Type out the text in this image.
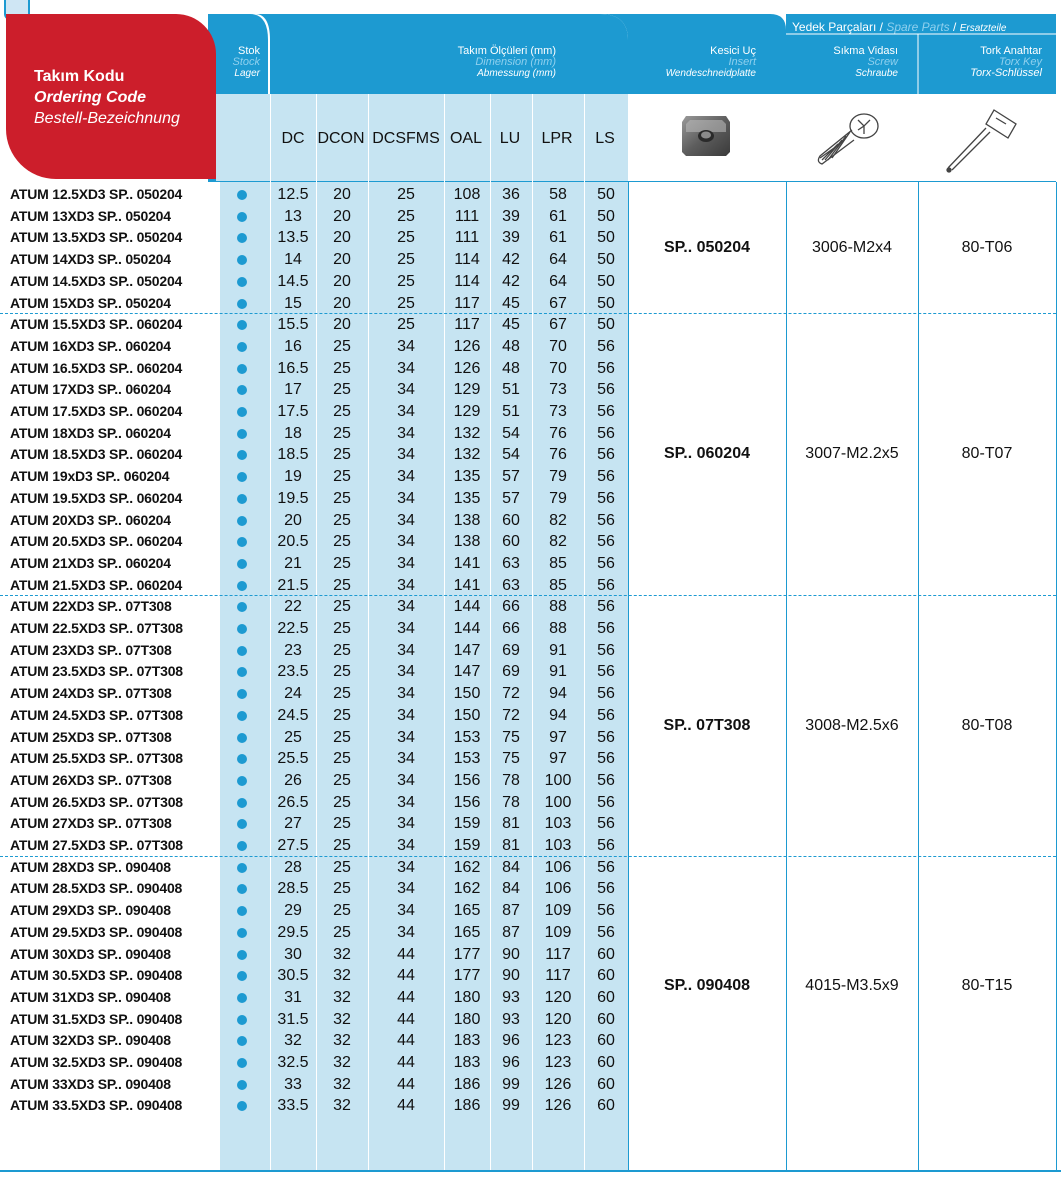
Takım Kodu
Ordering Code
Bestell-Bezeichnung
Stok
Stock
Lager
Takım Ölçüleri (mm)
Dimension (mm)
Abmessung (mm)
Kesici Uç
Insert
Wendeschneidplatte
Yedek Parçaları / Spare Parts / Ersatzteile
Sıkma Vidası
Screw
Schraube
Tork Anahtar
Torx Key
Torx-Schlüssel
DC DCON DCSFMS OAL	LU	LPR	LS
ATUM 12.5XD3 SP.. 050204	12.5	20	25	108	36	58	50
ATUM 13XD3 SP.. 050204	13	20	25	111	39	61	50
ATUM 13.5XD3 SP.. 050204	13.5	20	25	111	39	61	50
ATUM 14XD3 SP.. 050204	14	20	25	114	42	64	50
ATUM 14.5XD3 SP.. 050204	14.5	20	25	114	42	64	50
ATUM 15XD3 SP.. 050204	15	20	25	117	45	67	50
ATUM 15.5XD3 SP.. 060204	15.5	20	25	117	45	67	50
ATUM 16XD3 SP.. 060204	16	25	34	126	48	70	56
ATUM 16.5XD3 SP.. 060204	16.5	25	34	126	48	70	56
ATUM 17XD3 SP.. 060204	17	25	34	129	51	73	56
ATUM 17.5XD3 SP.. 060204	17.5	25	34	129	51	73	56
ATUM 18XD3 SP.. 060204	18	25	34	132	54	76	56
ATUM 18.5XD3 SP.. 060204	18.5	25	34	132	54	76	56
ATUM 19xD3 SP.. 060204	19	25	34	135	57	79	56
ATUM 19.5XD3 SP.. 060204	19.5	25	34	135	57	79	56
ATUM 20XD3 SP.. 060204	20	25	34	138	60	82	56
ATUM 20.5XD3 SP.. 060204	20.5	25	34	138	60	82	56
ATUM 21XD3 SP.. 060204	21	25	34	141	63	85	56
ATUM 21.5XD3 SP.. 060204	21.5	25	34	141	63	85	56
ATUM 22XD3 SP.. 07T308	22	25	34	144	66	88	56
ATUM 22.5XD3 SP.. 07T308	22.5	25	34	144	66	88	56
ATUM 23XD3 SP.. 07T308	23	25	34	147	69	91	56
ATUM 23.5XD3 SP.. 07T308	23.5	25	34	147	69	91	56
ATUM 24XD3 SP.. 07T308	24	25	34	150	72	94	56
ATUM 24.5XD3 SP.. 07T308	24.5	25	34	150	72	94	56
ATUM 25XD3 SP.. 07T308	25	25	34	153	75	97	56
ATUM 25.5XD3 SP.. 07T308	25.5	25	34	153	75	97	56
ATUM 26XD3 SP.. 07T308	26	25	34	156	78	100	56
ATUM 26.5XD3 SP.. 07T308	26.5	25	34	156	78	100	56
ATUM 27XD3 SP.. 07T308	27	25	34	159	81	103	56
ATUM 27.5XD3 SP.. 07T308	27.5	25	34	159	81	103	56
ATUM 28XD3 SP.. 090408	28	25	34	162	84	106	56
ATUM 28.5XD3 SP.. 090408	28.5	25	34	162	84	106	56
ATUM 29XD3 SP.. 090408	29	25	34	165	87	109	56
ATUM 29.5XD3 SP.. 090408	29.5	25	34	165	87	109	56
ATUM 30XD3 SP.. 090408	30	32	44	177	90	117	60
ATUM 30.5XD3 SP.. 090408	30.5	32	44	177	90	117	60
ATUM 31XD3 SP.. 090408	31	32	44	180	93	120	60
ATUM 31.5XD3 SP.. 090408	31.5	32	44	180	93	120	60
ATUM 32XD3 SP.. 090408	32	32	44	183	96	123	60
ATUM 32.5XD3 SP.. 090408	32.5	32	44	183	96	123	60
ATUM 33XD3 SP.. 090408	33	32	44	186	99	126	60
ATUM 33.5XD3 SP.. 090408	33.5	32	44	186	99	126	60
SP.. 050204	3006-M2x4	80-T06
SP.. 060204	3007-M2.2x5	80-T07
SP.. 07T308	3008-M2.5x6	80-T08
SP.. 090408	4015-M3.5x9	80-T15
